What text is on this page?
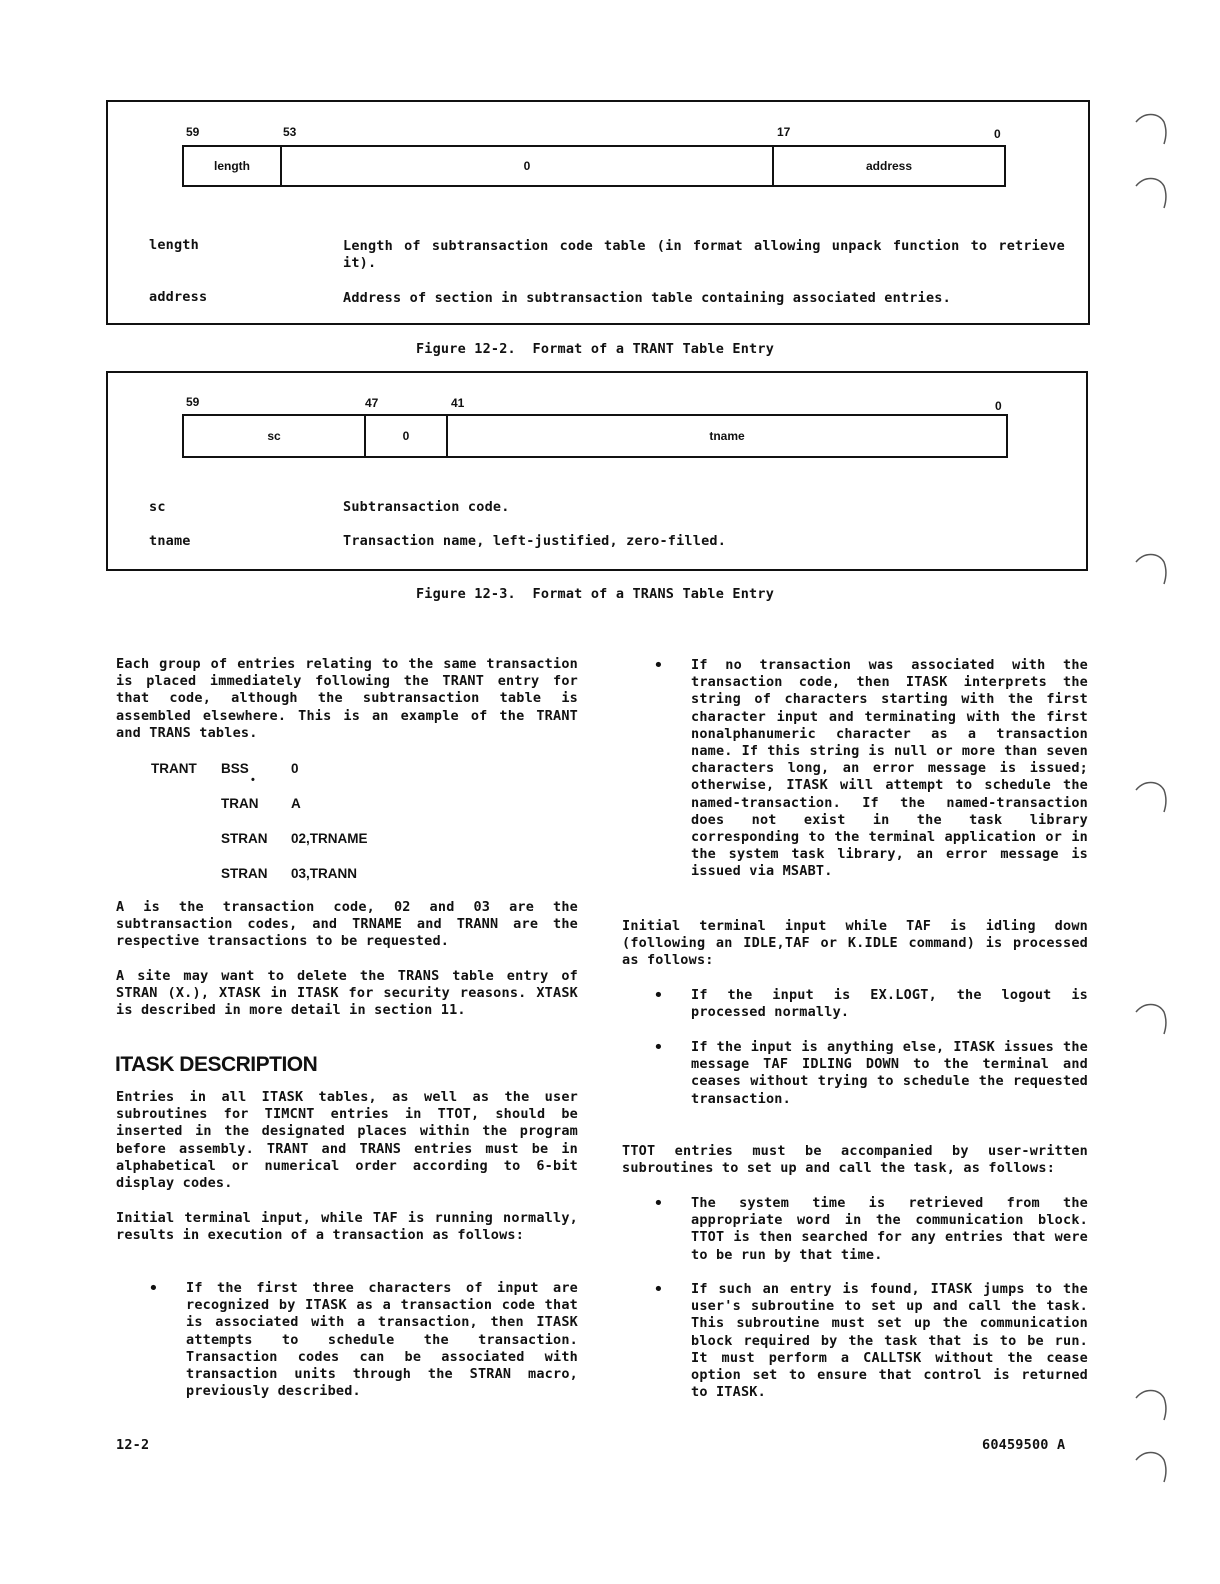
59	53	17	0
length	0	address
length	Length of subtransaction code table (in format allowing unpack function to retrieve it).
address	Address of section in subtransaction table containing associated entries.
Figure 12-2.  Format of a TRANT Table Entry
59	47	41	0
sc	0	tname
sc	Subtransaction code.
tname	Transaction name, left-justified, zero-filled.
Figure 12-3.  Format of a TRANS Table Entry

Each group of entries relating to the same transaction is placed immediately following the TRANT entry for that code, although the subtransaction table is assembled elsewhere. This is an example of the TRANT and TRANS tables.

TRANT BSS	0
•
TRAN A
STRAN 02,TRNAME
STRAN 03,TRANN

A is the transaction code, 02 and 03 are the subtransaction codes, and TRNAME and TRANN are the respective transactions to be requested.

A site may want to delete the TRANS table entry of STRAN (X.), XTASK in ITASK for security reasons. XTASK is described in more detail in section 11.

ITASK DESCRIPTION

Entries in all ITASK tables, as well as the user subroutines for TIMCNT entries in TTOT, should be inserted in the designated places within the program before assembly. TRANT and TRANS entries must be in alphabetical or numerical order according to 6-bit display codes.

Initial terminal input, while TAF is running normally, results in execution of a transaction as follows:

• If the first three characters of input are recognized by ITASK as a transaction code that is associated with a transaction, then ITASK attempts to schedule the transaction. Transaction codes can be associated with transaction units through the STRAN macro, previously described.

• If no transaction was associated with the transaction code, then ITASK interprets the string of characters starting with the first character input and terminating with the first nonalphanumeric character as a transaction name. If this string is null or more than seven characters long, an error message is issued; otherwise, ITASK will attempt to schedule the named-transaction. If the named-transaction does not exist in the task library corresponding to the terminal application or in the system task library, an error message is issued via MSABT.

Initial terminal input while TAF is idling down (following an IDLE,TAF or K.IDLE command) is processed as follows:

• If the input is EX.LOGT, the logout is processed normally.

• If the input is anything else, ITASK issues the message TAF IDLING DOWN to the terminal and ceases without trying to schedule the requested transaction.

TTOT entries must be accompanied by user-written subroutines to set up and call the task, as follows:

• The system time is retrieved from the appropriate word in the communication block. TTOT is then searched for any entries that were to be run by that time.

• If such an entry is found, ITASK jumps to the user's subroutine to set up and call the task. This subroutine must set up the communication block required by the task that is to be run. It must perform a CALLTSK without the cease option set to ensure that control is returned to ITASK.

12-2	60459500 A
